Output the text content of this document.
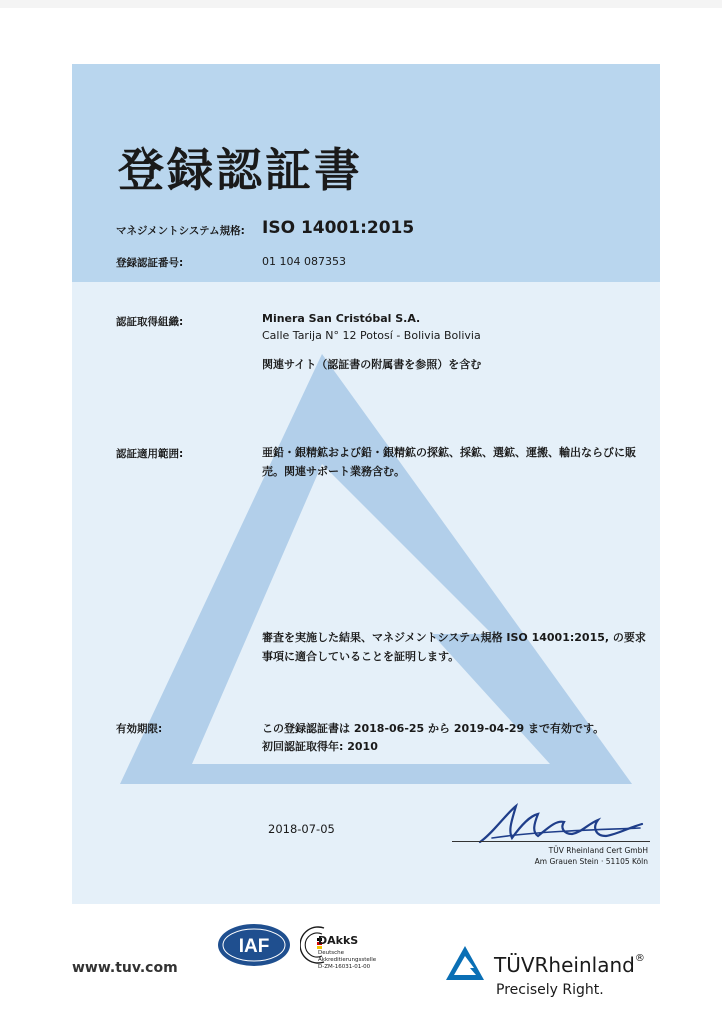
登録認証書
マネジメントシステム規格: ISO 14001:2015
登録認証番号:	01 104 087353
認証取得組織:	Minera San Cristóbal S.A.
Calle Tarija N° 12 Potosí - Bolivia Bolivia
関連サイト（認証書の附属書を参照）を含む
認証適用範囲:	亜鉛・銀精鉱および鉛・銀精鉱の探鉱、採鉱、選鉱、運搬、輸出ならびに販売。関連サポート業務含む。
審査を実施した結果、マネジメントシステム規格 ISO 14001:2015, の要求事項に適合していることを証明します。
有効期限:	この登録認証書は 2018-06-25 から 2019-04-29 まで有効です。
初回認証取得年: 2010
2018-07-05
TÜV Rheinland Cert GmbH
Am Grauen Stein · 51105 Köln
www.tuv.com
IAF	DAkkS
Deutsche
Akkreditierungsstelle
D-ZM-16031-01-00	TÜVRheinland®
Precisely Right.
